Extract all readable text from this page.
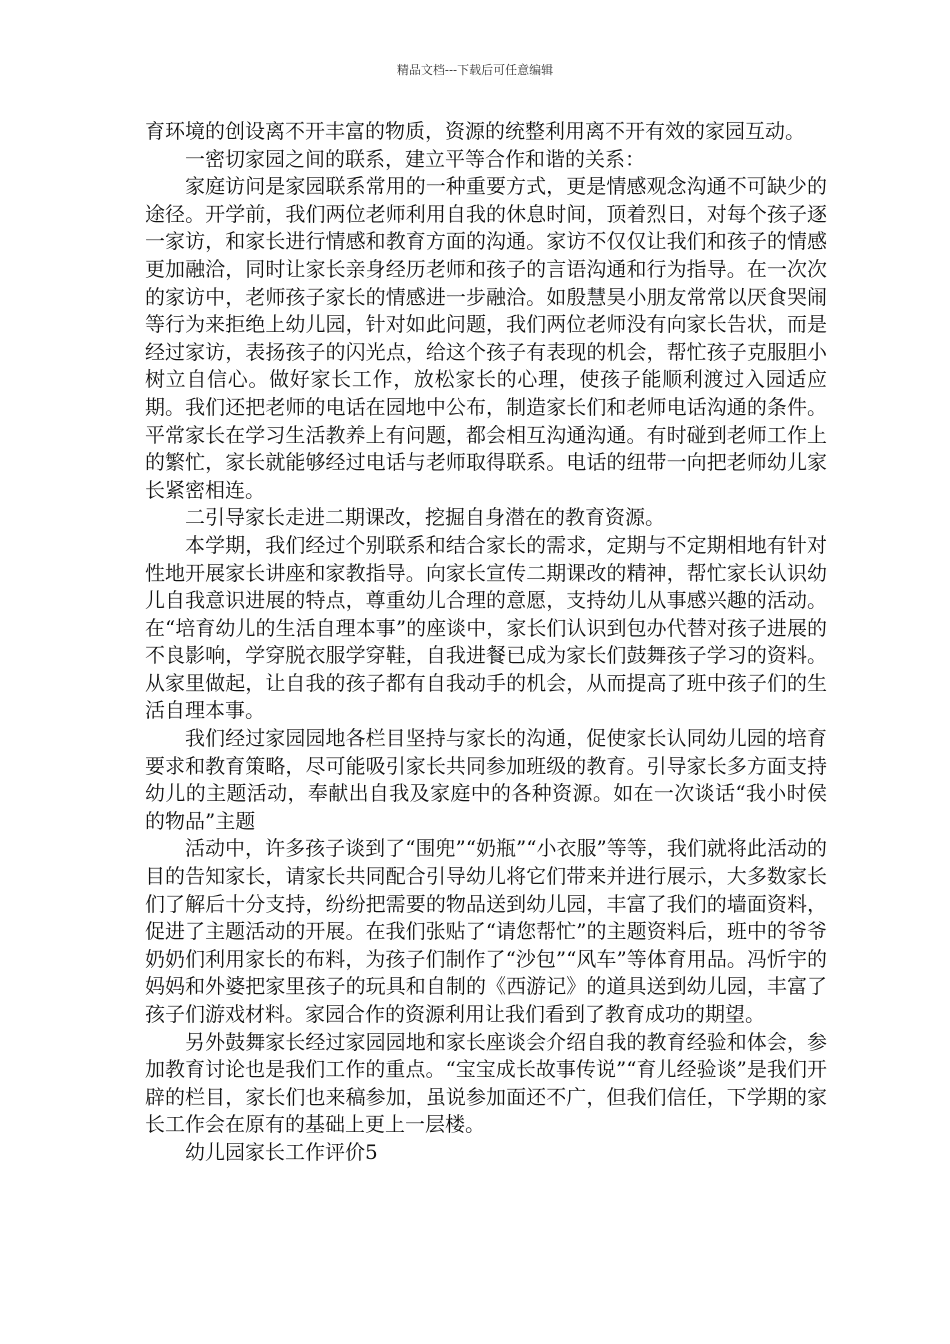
精品文档---下载后可任意编辑

育环境的创设离不开丰富的物质，资源的统整利用离不开有效的家园互动。

一密切家园之间的联系，建立平等合作和谐的关系：

家庭访问是家园联系常用的一种重要方式，更是情感观念沟通不可缺少的途径。开学前，我们两位老师利用自我的休息时间，顶着烈日，对每个孩子逐一家访，和家长进行情感和教育方面的沟通。家访不仅仅让我们和孩子的情感更加融洽，同时让家长亲身经历老师和孩子的言语沟通和行为指导。在一次次的家访中，老师孩子家长的情感进一步融洽。如殷慧昊小朋友常常以厌食哭闹等行为来拒绝上幼儿园，针对如此问题，我们两位老师没有向家长告状，而是经过家访，表扬孩子的闪光点，给这个孩子有表现的机会，帮忙孩子克服胆小树立自信心。做好家长工作，放松家长的心理，使孩子能顺利渡过入园适应期。我们还把老师的电话在园地中公布，制造家长们和老师电话沟通的条件。平常家长在学习生活教养上有问题，都会相互沟通沟通。有时碰到老师工作上的繁忙，家长就能够经过电话与老师取得联系。电话的纽带一向把老师幼儿家长紧密相连。

二引导家长走进二期课改，挖掘自身潜在的教育资源。

本学期，我们经过个别联系和结合家长的需求，定期与不定期相地有针对性地开展家长讲座和家教指导。向家长宣传二期课改的精神，帮忙家长认识幼儿自我意识进展的特点，尊重幼儿合理的意愿，支持幼儿从事感兴趣的活动。在“培育幼儿的生活自理本事”的座谈中，家长们认识到包办代替对孩子进展的不良影响，学穿脱衣服学穿鞋，自我进餐已成为家长们鼓舞孩子学习的资料。从家里做起，让自我的孩子都有自我动手的机会，从而提高了班中孩子们的生活自理本事。

我们经过家园园地各栏目坚持与家长的沟通，促使家长认同幼儿园的培育要求和教育策略，尽可能吸引家长共同参加班级的教育。引导家长多方面支持幼儿的主题活动，奉献出自我及家庭中的各种资源。如在一次谈话“我小时侯的物品”主题

活动中，许多孩子谈到了“围兜”“奶瓶”“小衣服”等等，我们就将此活动的目的告知家长，请家长共同配合引导幼儿将它们带来并进行展示，大多数家长们了解后十分支持，纷纷把需要的物品送到幼儿园，丰富了我们的墙面资料，促进了主题活动的开展。在我们张贴了“请您帮忙”的主题资料后，班中的爷爷奶奶们利用家长的布料，为孩子们制作了“沙包”“风车”等体育用品。冯忻宇的妈妈和外婆把家里孩子的玩具和自制的《西游记》的道具送到幼儿园，丰富了孩子们游戏材料。家园合作的资源利用让我们看到了教育成功的期望。

另外鼓舞家长经过家园园地和家长座谈会介绍自我的教育经验和体会，参加教育讨论也是我们工作的重点。“宝宝成长故事传说”“育儿经验谈”是我们开辟的栏目，家长们也来稿参加，虽说参加面还不广，但我们信任，下学期的家长工作会在原有的基础上更上一层楼。

幼儿园家长工作评价5
